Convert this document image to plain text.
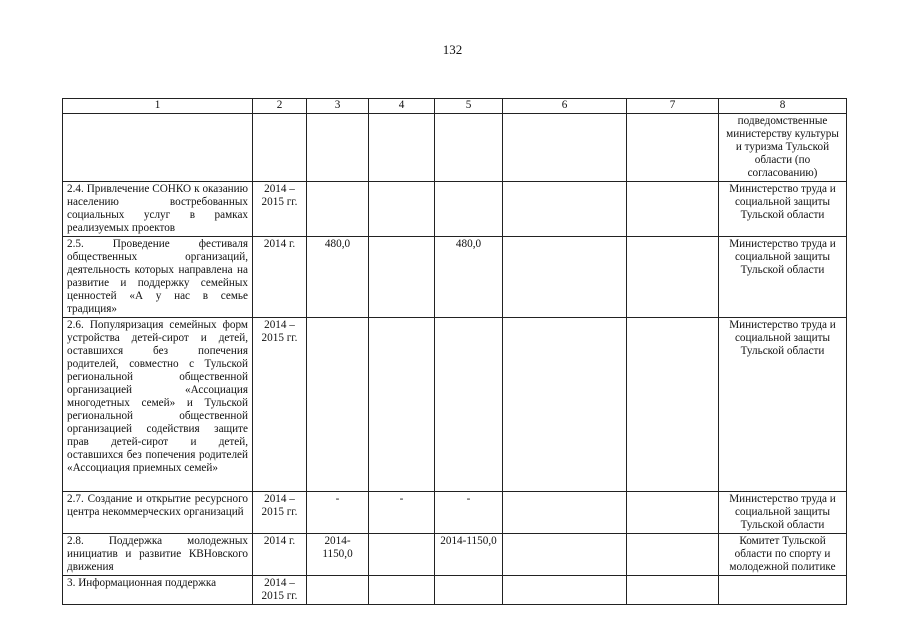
132
1	2	3	4	5	6	7	8
							подведомственные министерству культуры и туризма Тульской области (по согласованию)
2.4. Привлечение СОНКО к оказанию населению востребованных социальных услуг в рамках реализуемых проектов	2014 – 2015 гг.						Министерство труда и социальной защиты Тульской области
2.5. Проведение фестиваля общественных организаций, деятельность которых направлена на развитие и поддержку семейных ценностей «А у нас в семье традиция»	2014 г.	480,0		480,0			Министерство труда и социальной защиты Тульской области
2.6. Популяризация семейных форм устройства детей-сирот и детей, оставшихся без попечения родителей, совместно с Тульской региональной общественной организацией «Ассоциация многодетных семей» и Тульской региональной общественной организацией содействия защите прав детей-сирот и детей, оставшихся без попечения родителей «Ассоциация приемных семей»	2014 – 2015 гг.						Министерство труда и социальной защиты Тульской области
2.7. Создание и открытие ресурсного центра некоммерческих организаций	2014 – 2015 гг.	-	-	-			Министерство труда и социальной защиты Тульской области
2.8. Поддержка молодежных инициатив и развитие КВНовского движения	2014 г.	2014-1150,0		2014-1150,0			Комитет Тульской области по спорту и молодежной политике
3. Информационная поддержка	2014 – 2015 гг.						
